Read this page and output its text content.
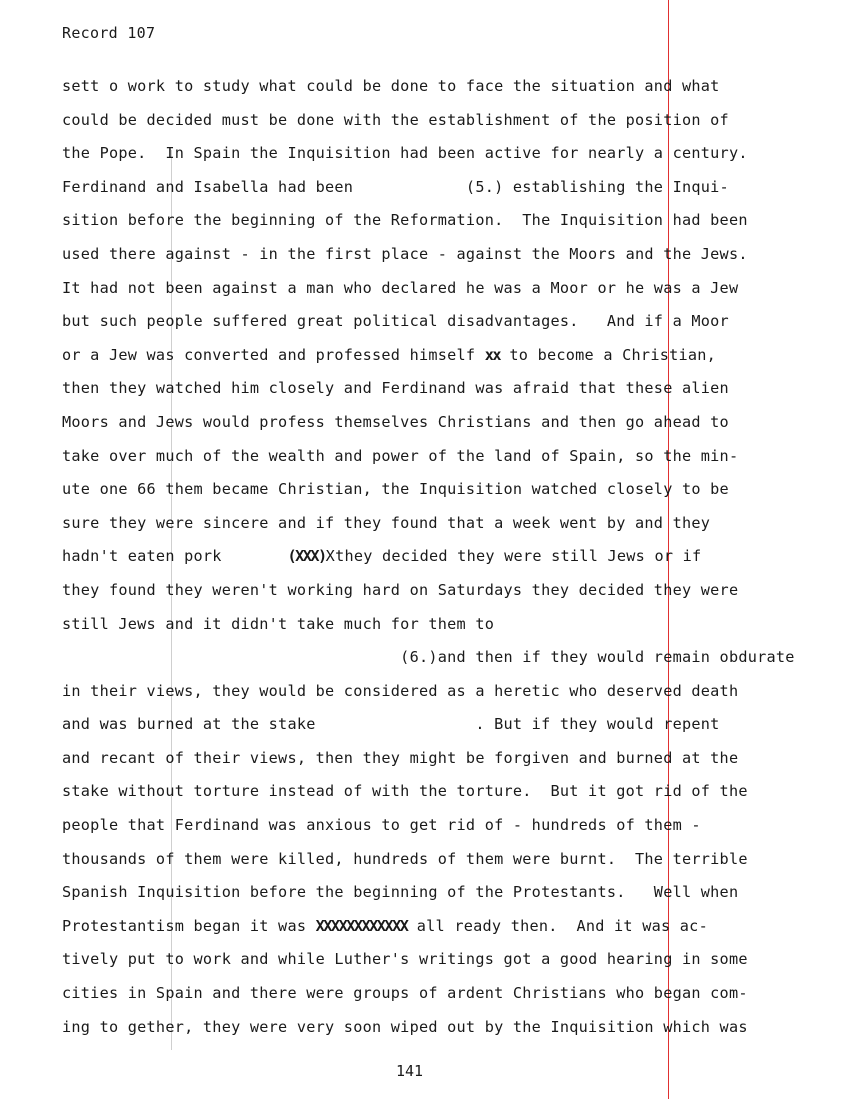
Record 107
sett o work to study what could be done to face the situation and what
could be decided must be done with the establishment of the position of
the Pope.  In Spain the Inquisition had been active for nearly a century.
Ferdinand and Isabella had been            (5.) establishing the Inqui-
sition before the beginning of the Reformation.  The Inquisition had been
used there against - in the first place - against the Moors and the Jews.
It had not been against a man who declared he was a Moor or he was a Jew
but such people suffered great political disadvantages.   And if a Moor
or a Jew was converted and professed himself xx to become a Christian,
then they watched him closely and Ferdinand was afraid that these alien
Moors and Jews would profess themselves Christians and then go ahead to
take over much of the wealth and power of the land of Spain, so the min-
ute one 66 them became Christian, the Inquisition watched closely to be
sure they were sincere and if they found that a week went by and they
hadn't eaten pork       (XXX)Xthey decided they were still Jews or if
they found they weren't working hard on Saturdays they decided they were
still Jews and it didn't take much for them to
(6.)and then if they would remain obdurate
in their views, they would be considered as a heretic who deserved death
and was burned at the stake                 . But if they would repent
and recant of their views, then they might be forgiven and burned at the
stake without torture instead of with the torture.  But it got rid of the
people that Ferdinand was anxious to get rid of - hundreds of them -
thousands of them were killed, hundreds of them were burnt.  The terrible
Spanish Inquisition before the beginning of the Protestants.   Well when
Protestantism began it was XXXXXXXXXXXX all ready then.  And it was ac-
tively put to work and while Luther's writings got a good hearing in some
cities in Spain and there were groups of ardent Christians who began com-
ing to gether, they were very soon wiped out by the Inquisition which was
141
